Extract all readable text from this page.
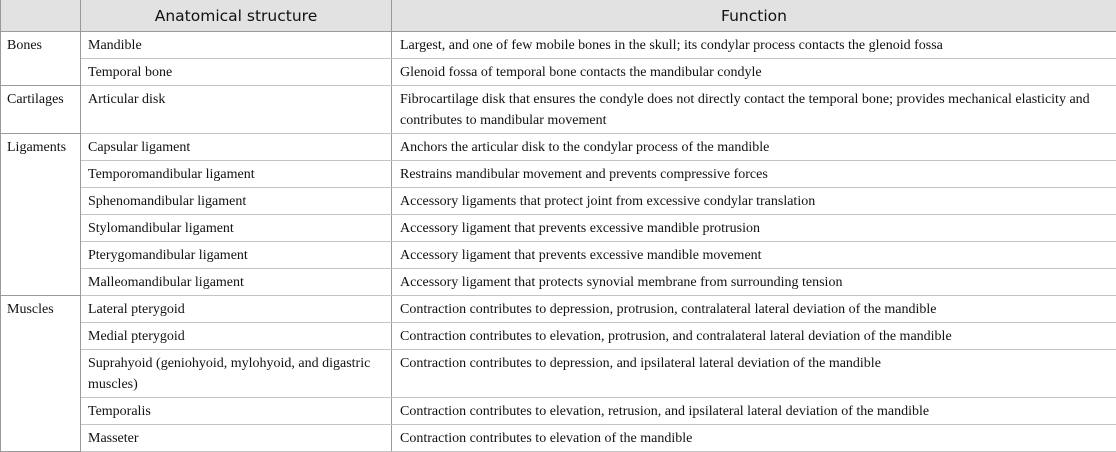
	Anatomical structure	Function
Bones	Mandible	Largest, and one of few mobile bones in the skull; its condylar process contacts the glenoid fossa
	Temporal bone	Glenoid fossa of temporal bone contacts the mandibular condyle
Cartilages	Articular disk	Fibrocartilage disk that ensures the condyle does not directly contact the temporal bone; provides mechanical elasticity and contributes to mandibular movement
Ligaments	Capsular ligament	Anchors the articular disk to the condylar process of the mandible
	Temporomandibular ligament	Restrains mandibular movement and prevents compressive forces
	Sphenomandibular ligament	Accessory ligaments that protect joint from excessive condylar translation
	Stylomandibular ligament	Accessory ligament that prevents excessive mandible protrusion
	Pterygomandibular ligament	Accessory ligament that prevents excessive mandible movement
	Malleomandibular ligament	Accessory ligament that protects synovial membrane from surrounding tension
Muscles	Lateral pterygoid	Contraction contributes to depression, protrusion, contralateral lateral deviation of the mandible
	Medial pterygoid	Contraction contributes to elevation, protrusion, and contralateral lateral deviation of the mandible
	Suprahyoid (geniohyoid, mylohyoid, and digastric muscles)	Contraction contributes to depression, and ipsilateral lateral deviation of the mandible
	Temporalis	Contraction contributes to elevation, retrusion, and ipsilateral lateral deviation of the mandible
	Masseter	Contraction contributes to elevation of the mandible
